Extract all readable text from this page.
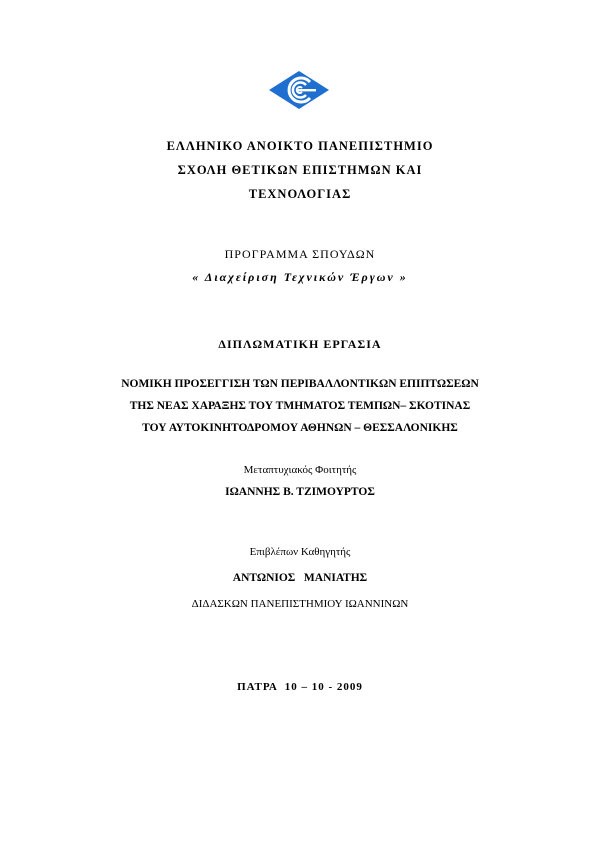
ΕΛΛΗΝΙΚΟ ΑΝΟΙΚΤΟ ΠΑΝΕΠΙΣΤΗΜΙΟ
ΣΧΟΛΗ ΘΕΤΙΚΩΝ ΕΠΙΣΤΗΜΩΝ ΚΑΙ
ΤΕΧΝΟΛΟΓΙΑΣ
ΠΡΟΓΡΑΜΜΑ ΣΠΟΥΔΩΝ
« Διαχείριση Τεχνικών Έργων »
ΔΙΠΛΩΜΑΤΙΚΗ ΕΡΓΑΣΙΑ
ΝΟΜΙΚΗ ΠΡΟΣΕΓΓΙΣΗ ΤΩΝ ΠΕΡΙΒΑΛΛΟΝΤΙΚΩΝ ΕΠΙΠΤΩΣΕΩΝ
ΤΗΣ ΝΕΑΣ ΧΑΡΑΞΗΣ ΤΟΥ ΤΜΗΜΑΤΟΣ ΤΕΜΠΩΝ– ΣΚΟΤΙΝΑΣ
ΤΟΥ ΑΥΤΟΚΙΝΗΤΟΔΡΟΜΟΥ ΑΘΗΝΩΝ – ΘΕΣΣΑΛΟΝΙΚΗΣ
Μεταπτυχιακός Φοιτητής
ΙΩΑΝΝΗΣ Β. ΤΖΙΜΟΥΡΤΟΣ
Επιβλέπων Καθηγητής
ΑΝΤΩΝΙΟΣ   ΜΑΝΙΑΤΗΣ
ΔΙΔΑΣΚΩΝ ΠΑΝΕΠΙΣΤΗΜΙΟΥ ΙΩΑΝΝΙΝΩΝ
ΠΑΤΡΑ  10 – 10 - 2009
